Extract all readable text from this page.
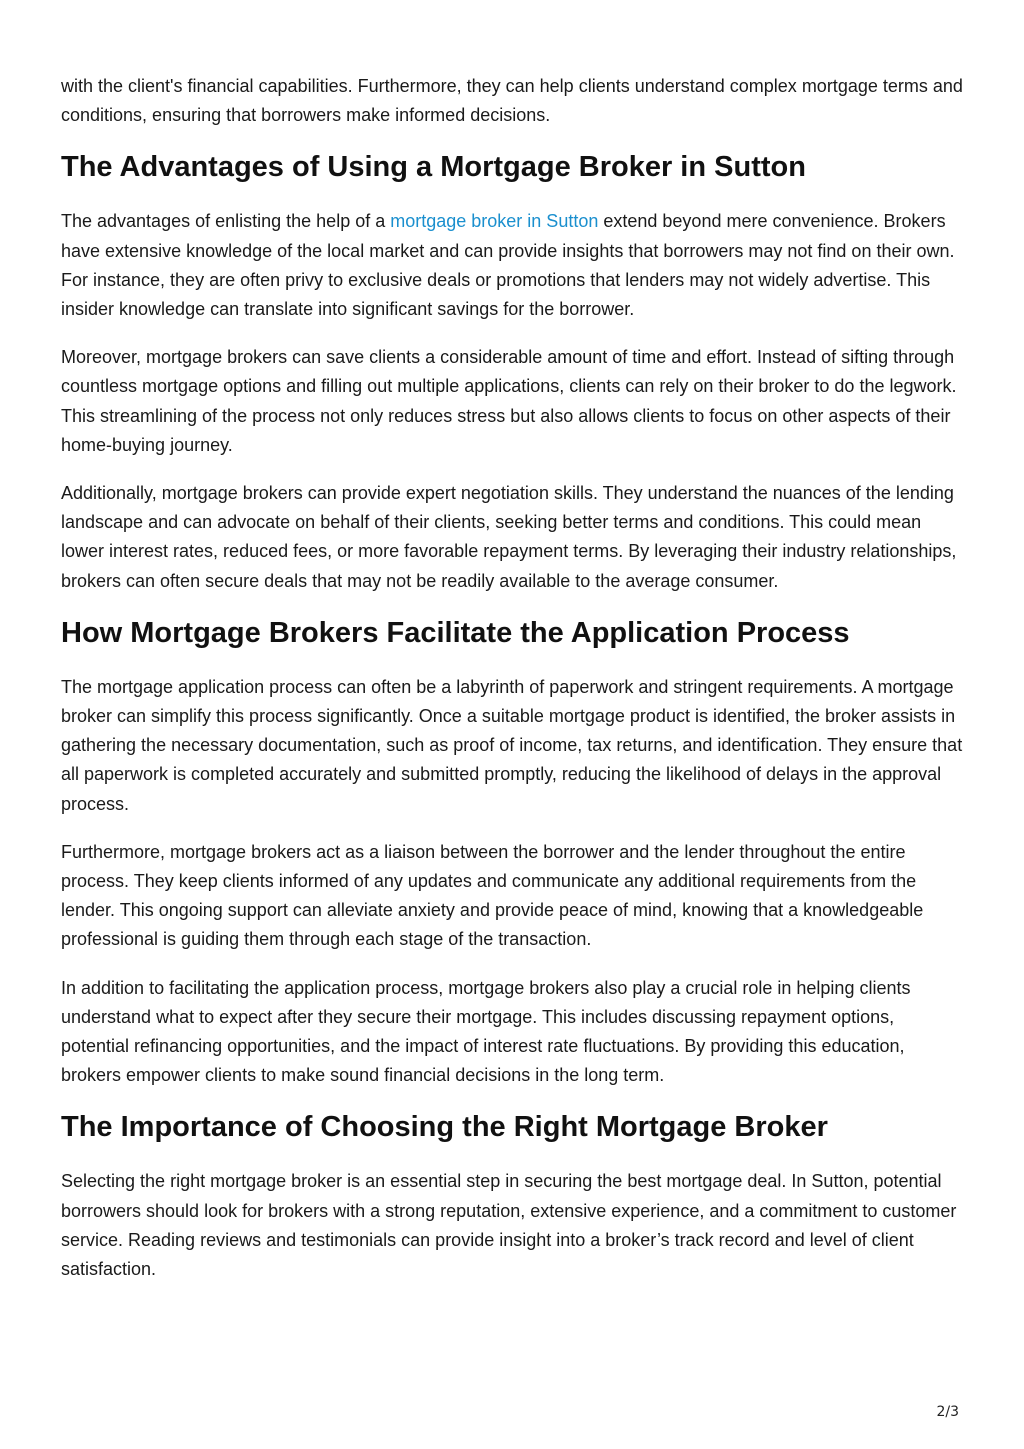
with the client's financial capabilities. Furthermore, they can help clients understand complex mortgage terms and conditions, ensuring that borrowers make informed decisions.

The Advantages of Using a Mortgage Broker in Sutton

The advantages of enlisting the help of a mortgage broker in Sutton extend beyond mere convenience. Brokers have extensive knowledge of the local market and can provide insights that borrowers may not find on their own. For instance, they are often privy to exclusive deals or promotions that lenders may not widely advertise. This insider knowledge can translate into significant savings for the borrower.

Moreover, mortgage brokers can save clients a considerable amount of time and effort. Instead of sifting through countless mortgage options and filling out multiple applications, clients can rely on their broker to do the legwork. This streamlining of the process not only reduces stress but also allows clients to focus on other aspects of their home-buying journey.

Additionally, mortgage brokers can provide expert negotiation skills. They understand the nuances of the lending landscape and can advocate on behalf of their clients, seeking better terms and conditions. This could mean lower interest rates, reduced fees, or more favorable repayment terms. By leveraging their industry relationships, brokers can often secure deals that may not be readily available to the average consumer.

How Mortgage Brokers Facilitate the Application Process

The mortgage application process can often be a labyrinth of paperwork and stringent requirements. A mortgage broker can simplify this process significantly. Once a suitable mortgage product is identified, the broker assists in gathering the necessary documentation, such as proof of income, tax returns, and identification. They ensure that all paperwork is completed accurately and submitted promptly, reducing the likelihood of delays in the approval process.

Furthermore, mortgage brokers act as a liaison between the borrower and the lender throughout the entire process. They keep clients informed of any updates and communicate any additional requirements from the lender. This ongoing support can alleviate anxiety and provide peace of mind, knowing that a knowledgeable professional is guiding them through each stage of the transaction.

In addition to facilitating the application process, mortgage brokers also play a crucial role in helping clients understand what to expect after they secure their mortgage. This includes discussing repayment options, potential refinancing opportunities, and the impact of interest rate fluctuations. By providing this education, brokers empower clients to make sound financial decisions in the long term.

The Importance of Choosing the Right Mortgage Broker

Selecting the right mortgage broker is an essential step in securing the best mortgage deal. In Sutton, potential borrowers should look for brokers with a strong reputation, extensive experience, and a commitment to customer service. Reading reviews and testimonials can provide insight into a broker’s track record and level of client satisfaction.

2/3
